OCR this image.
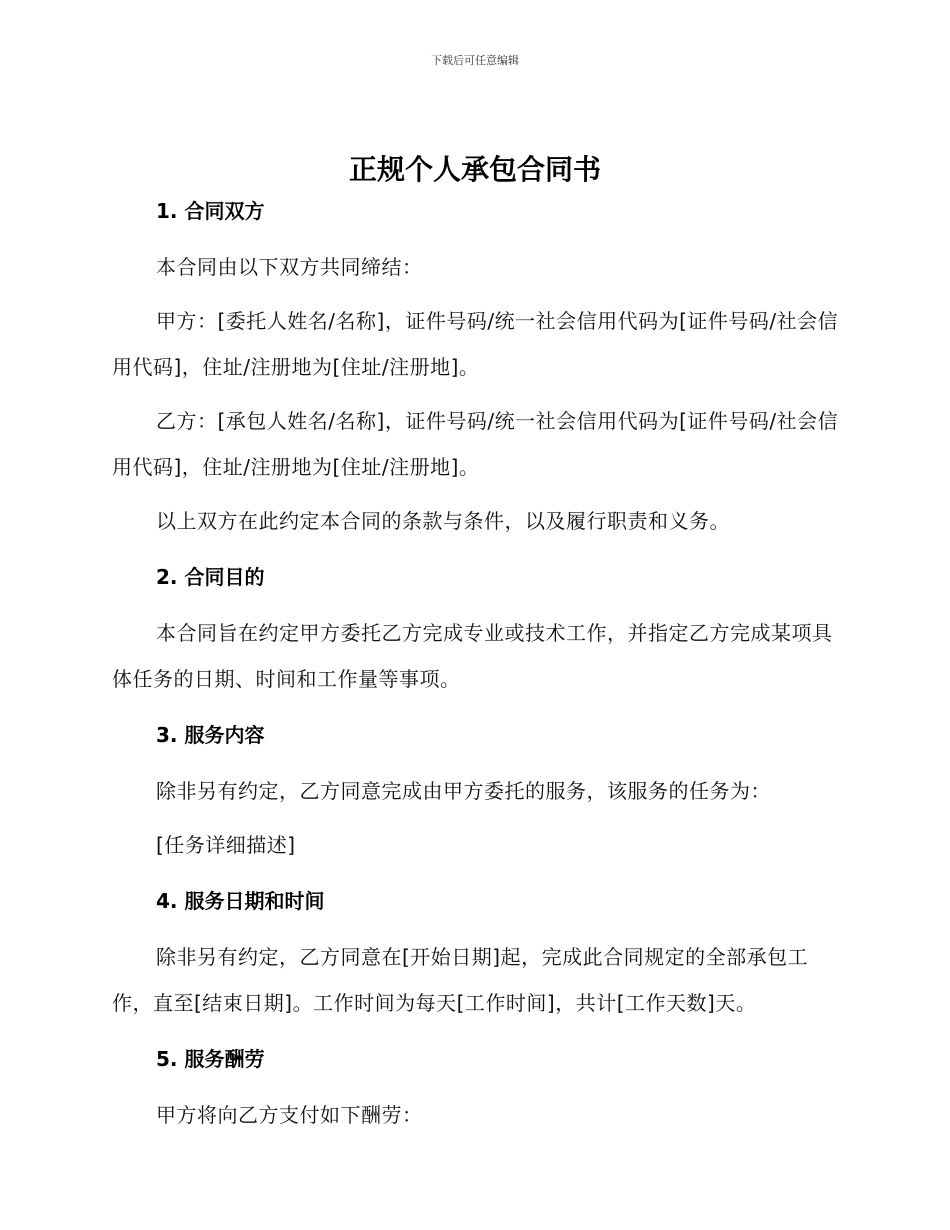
下载后可任意编辑
正规个人承包合同书
1. 合同双方
本合同由以下双方共同缔结：
甲方：[委托人姓名/名称]，证件号码/统一社会信用代码为[证件号码/社会信用代码]，住址/注册地为[住址/注册地]。
乙方：[承包人姓名/名称]，证件号码/统一社会信用代码为[证件号码/社会信用代码]，住址/注册地为[住址/注册地]。
以上双方在此约定本合同的条款与条件，以及履行职责和义务。
2. 合同目的
本合同旨在约定甲方委托乙方完成专业或技术工作，并指定乙方完成某项具体任务的日期、时间和工作量等事项。
3. 服务内容
除非另有约定，乙方同意完成由甲方委托的服务，该服务的任务为：
[任务详细描述]
4. 服务日期和时间
除非另有约定，乙方同意在[开始日期]起，完成此合同规定的全部承包工作，直至[结束日期]。工作时间为每天[工作时间]，共计[工作天数]天。
5. 服务酬劳
甲方将向乙方支付如下酬劳：
